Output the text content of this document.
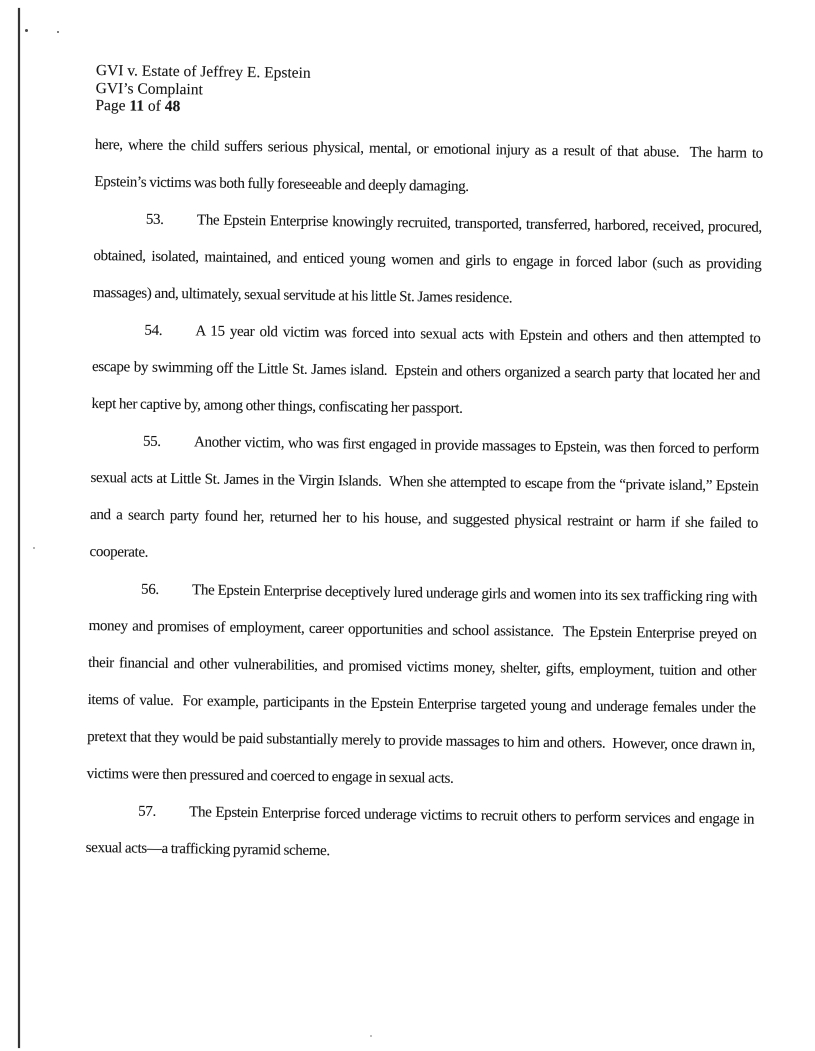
GVI v. Estate of Jeffrey E. Epstein
GVI’s Complaint
Page 11 of 48

here, where the child suffers serious physical, mental, or emotional injury as a result of that abuse.  The harm to Epstein’s victims was both fully foreseeable and deeply damaging.

53. The Epstein Enterprise knowingly recruited, transported, transferred, harbored, received, procured, obtained, isolated, maintained, and enticed young women and girls to engage in forced labor (such as providing massages) and, ultimately, sexual servitude at his little St. James residence.

54. A 15 year old victim was forced into sexual acts with Epstein and others and then attempted to escape by swimming off the Little St. James island.  Epstein and others organized a search party that located her and kept her captive by, among other things, confiscating her passport.

55. Another victim, who was first engaged in provide massages to Epstein, was then forced to perform sexual acts at Little St. James in the Virgin Islands.  When she attempted to escape from the “private island,” Epstein and a search party found her, returned her to his house, and suggested physical restraint or harm if she failed to cooperate.

56. The Epstein Enterprise deceptively lured underage girls and women into its sex trafficking ring with money and promises of employment, career opportunities and school assistance.  The Epstein Enterprise preyed on their financial and other vulnerabilities, and promised victims money, shelter, gifts, employment, tuition and other items of value.  For example, participants in the Epstein Enterprise targeted young and underage females under the pretext that they would be paid substantially merely to provide massages to him and others.  However, once drawn in, victims were then pressured and coerced to engage in sexual acts.

57. The Epstein Enterprise forced underage victims to recruit others to perform services and engage in sexual acts—a trafficking pyramid scheme.
